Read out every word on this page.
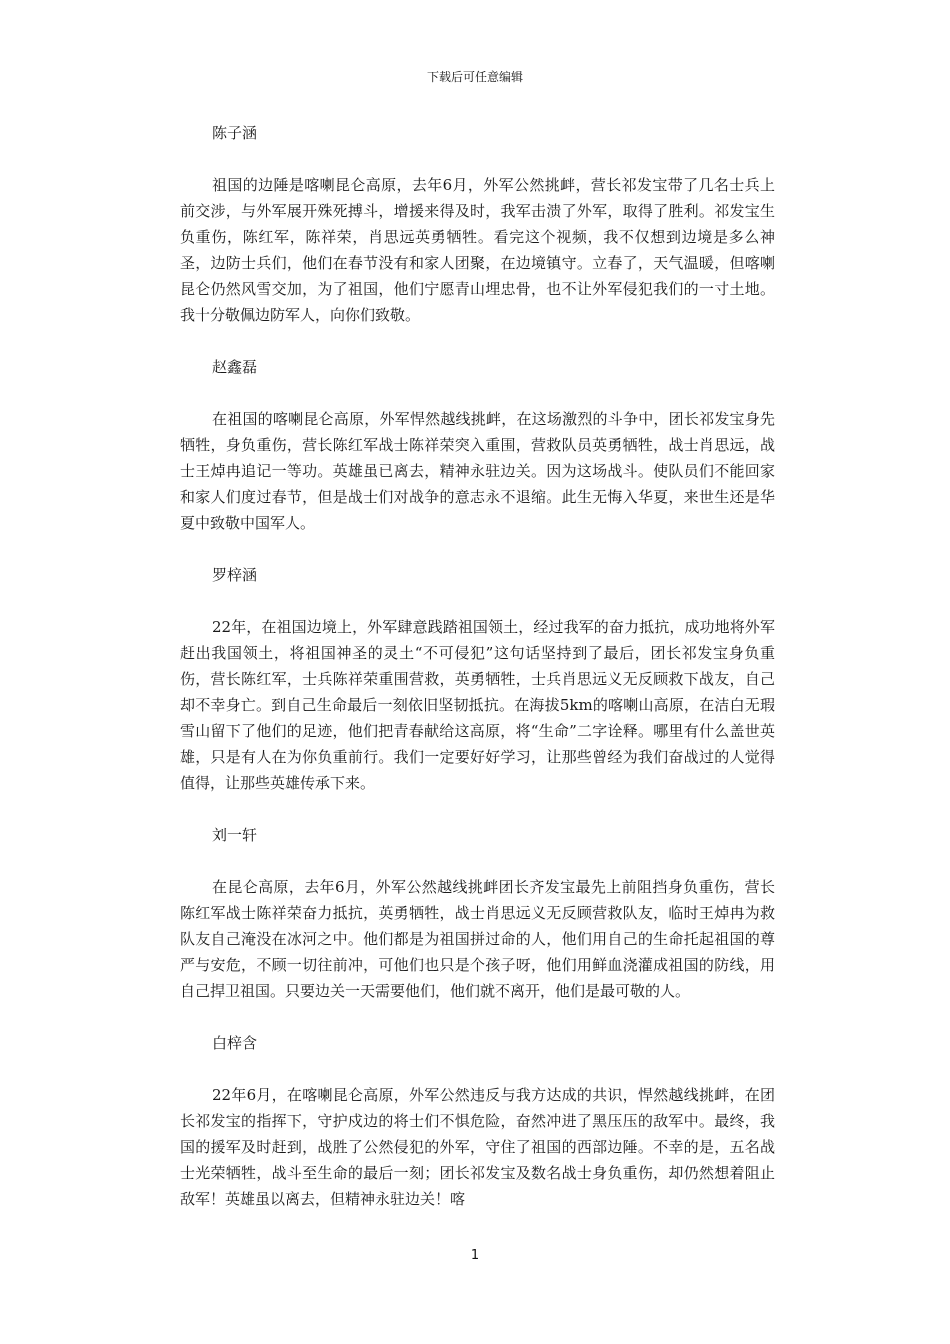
下载后可任意编辑

陈子涵

祖国的边陲是喀喇昆仑高原，去年6月，外军公然挑衅，营长祁发宝带了几名士兵上前交涉，与外军展开殊死搏斗，增援来得及时，我军击溃了外军，取得了胜利。祁发宝生负重伤，陈红军，陈祥荣，肖思远英勇牺牲。看完这个视频，我不仅想到边境是多么神圣，边防士兵们，他们在春节没有和家人团聚，在边境镇守。立春了，天气温暖，但喀喇昆仑仍然风雪交加，为了祖国，他们宁愿青山埋忠骨，也不让外军侵犯我们的一寸土地。我十分敬佩边防军人，向你们致敬。

赵鑫磊

在祖国的喀喇昆仑高原，外军悍然越线挑衅，在这场激烈的斗争中，团长祁发宝身先牺牲，身负重伤，营长陈红军战士陈祥荣突入重围，营救队员英勇牺牲，战士肖思远，战士王焯冉追记一等功。英雄虽已离去，精神永驻边关。因为这场战斗。使队员们不能回家和家人们度过春节，但是战士们对战争的意志永不退缩。此生无悔入华夏，来世生还是华夏中致敬中国军人。

罗梓涵

22年，在祖国边境上，外军肆意践踏祖国领土，经过我军的奋力抵抗，成功地将外军赶出我国领土，将祖国神圣的灵土“不可侵犯”这句话坚持到了最后，团长祁发宝身负重伤，营长陈红军，士兵陈祥荣重围营救，英勇牺牲，士兵肖思远义无反顾救下战友，自己却不幸身亡。到自己生命最后一刻依旧坚韧抵抗。在海拔5km的喀喇山高原，在洁白无瑕雪山留下了他们的足迹，他们把青春献给这高原，将“生命”二字诠释。哪里有什么盖世英雄，只是有人在为你负重前行。我们一定要好好学习，让那些曾经为我们奋战过的人觉得值得，让那些英雄传承下来。

刘一轩

在昆仑高原，去年6月，外军公然越线挑衅团长齐发宝最先上前阻挡身负重伤，营长陈红军战士陈祥荣奋力抵抗，英勇牺牲，战士肖思远义无反顾营救队友，临时王焯冉为救队友自己淹没在冰河之中。他们都是为祖国拼过命的人，他们用自己的生命托起祖国的尊严与安危，不顾一切往前冲，可他们也只是个孩子呀，他们用鲜血浇灌成祖国的防线，用自己捍卫祖国。只要边关一天需要他们，他们就不离开，他们是最可敬的人。

白梓含

22年6月，在喀喇昆仑高原，外军公然违反与我方达成的共识，悍然越线挑衅，在团长祁发宝的指挥下，守护戍边的将士们不惧危险，奋然冲进了黑压压的敌军中。最终，我国的援军及时赶到，战胜了公然侵犯的外军，守住了祖国的西部边陲。不幸的是，五名战士光荣牺牲，战斗至生命的最后一刻；团长祁发宝及数名战士身负重伤，却仍然想着阻止敌军！英雄虽以离去，但精神永驻边关！喀

1
